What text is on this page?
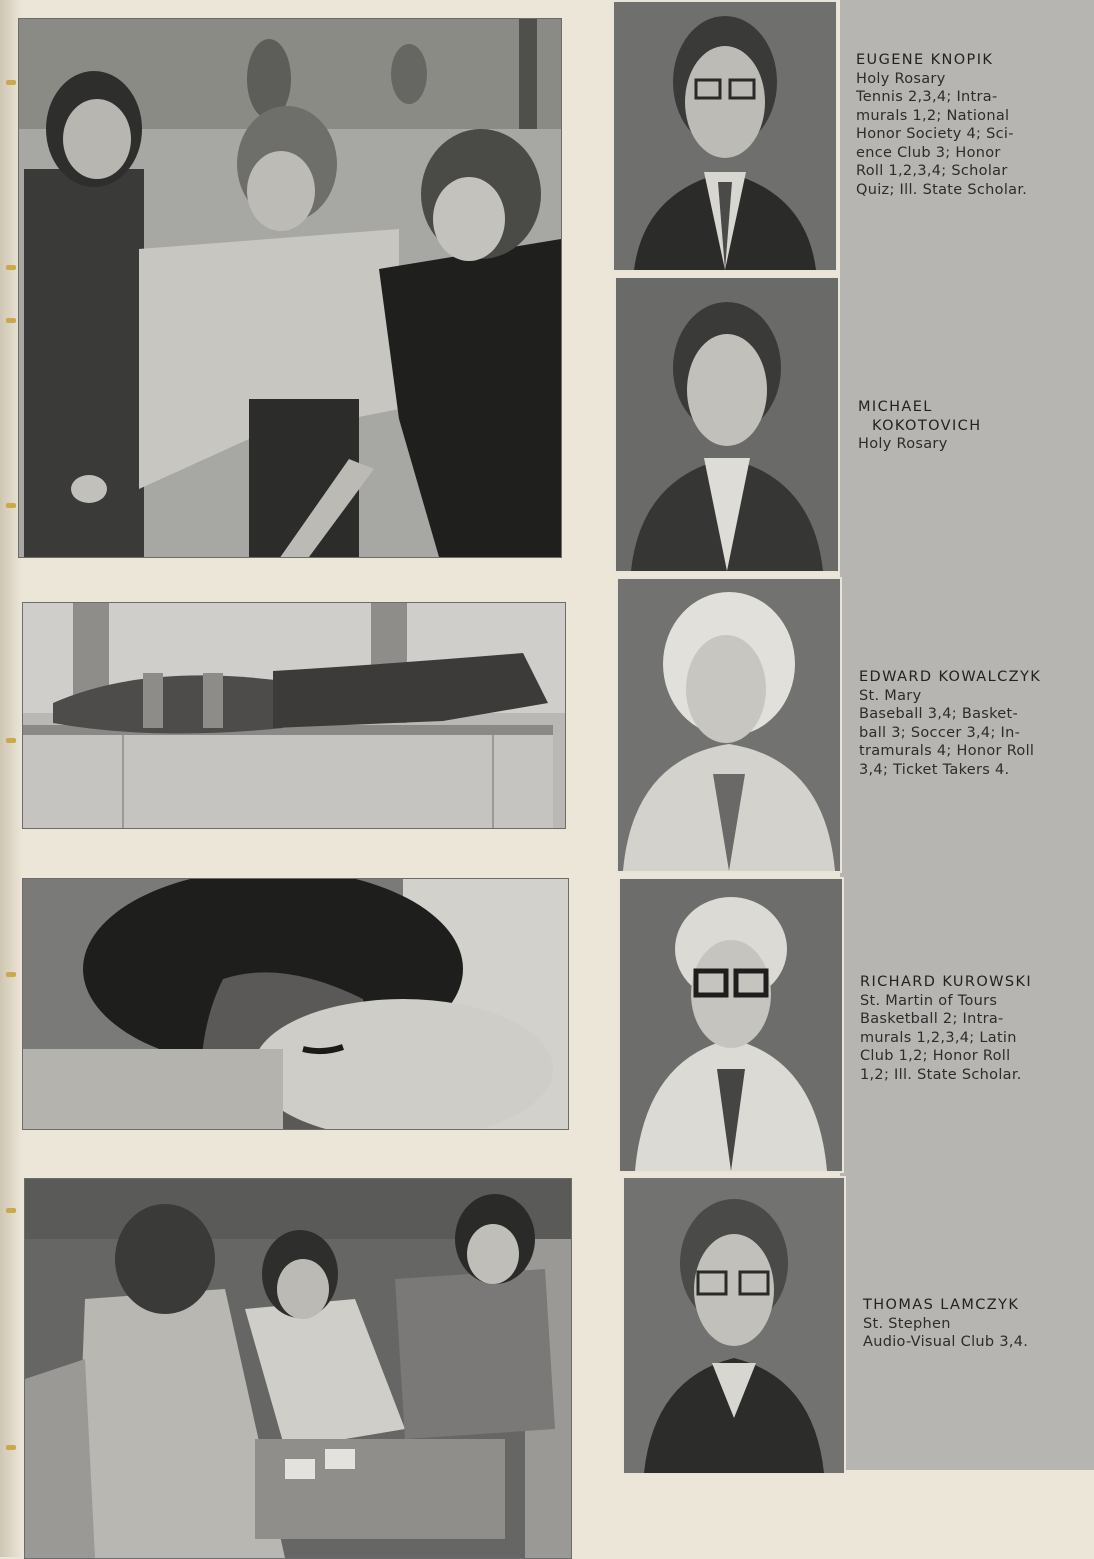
EUGENE KNOPIK
Holy Rosary
Tennis 2,3,4; Intra-
murals 1,2; National
Honor Society 4; Sci-
ence Club 3; Honor
Roll 1,2,3,4; Scholar
Quiz; Ill. State Scholar.
MICHAEL
KOKOTOVICH
Holy Rosary
EDWARD KOWALCZYK
St. Mary
Baseball 3,4; Basket-
ball 3; Soccer 3,4; In-
tramurals 4; Honor Roll
3,4; Ticket Takers 4.
RICHARD KUROWSKI
St. Martin of Tours
Basketball 2; Intra-
murals 1,2,3,4; Latin
Club 1,2; Honor Roll
1,2; Ill. State Scholar.
THOMAS LAMCZYK
St. Stephen
Audio-Visual Club 3,4.
